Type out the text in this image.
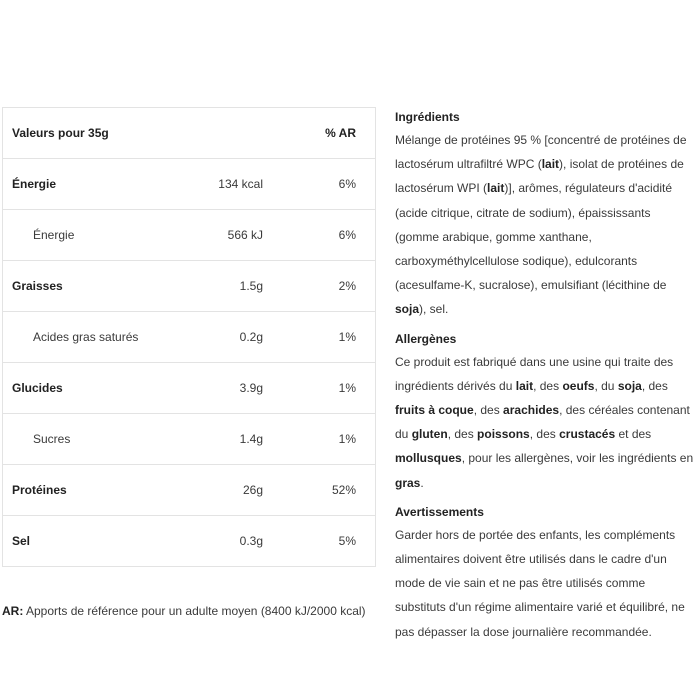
Valeurs pour 35g	% AR
Énergie	134 kcal	6%
Énergie	566 kJ	6%
Graisses	1.5g	2%
Acides gras saturés	0.2g	1%
Glucides	3.9g	1%
Sucres	1.4g	1%
Protéines	26g	52%
Sel	0.3g	5%
AR: Apports de référence pour un adulte moyen (8400 kJ/2000 kcal)
Ingrédients

Mélange de protéines 95 % [concentré de protéines de lactosérum ultrafiltré WPC (lait), isolat de protéines de lactosérum WPI (lait)], arômes, régulateurs d'acidité (acide citrique, citrate de sodium), épaississants (gomme arabique, gomme xanthane, carboxyméthylcellulose sodique), edulcorants (acesulfame-K, sucralose), emulsifiant (lécithine de soja), sel.

Allergènes

Ce produit est fabriqué dans une usine qui traite des ingrédients dérivés du lait, des oeufs, du soja, des fruits à coque, des arachides, des céréales contenant du gluten, des poissons, des crustacés et des mollusques, pour les allergènes, voir les ingrédients en gras.

Avertissements

Garder hors de portée des enfants, les compléments alimentaires doivent être utilisés dans le cadre d'un mode de vie sain et ne pas être utilisés comme substituts d'un régime alimentaire varié et équilibré, ne pas dépasser la dose journalière recommandée.
